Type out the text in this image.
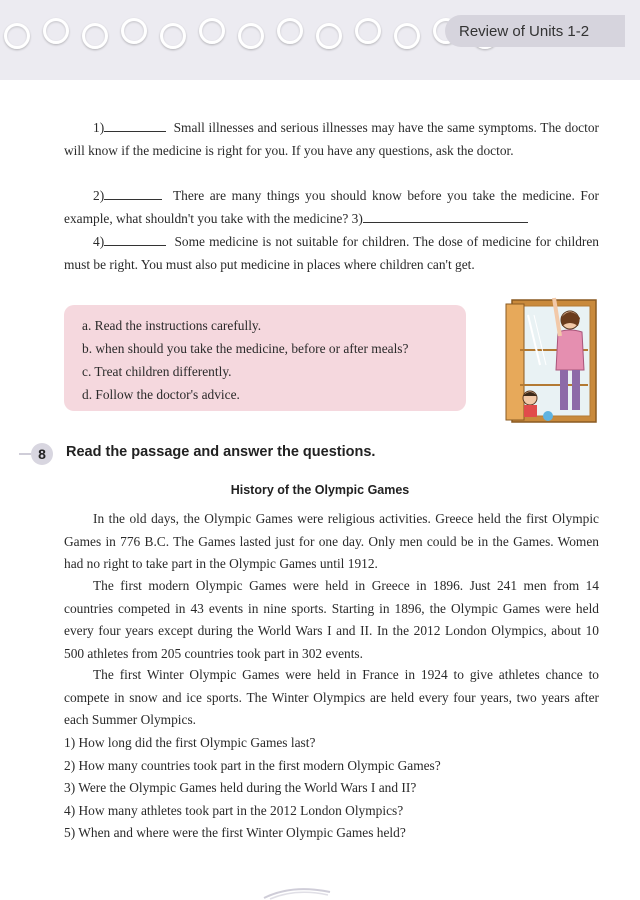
Review of Units 1-2
1)	Small illnesses and serious illnesses may have the same symptoms. The doctor will know if the medicine is right for you. If you have any questions, ask the doctor.
2)	There are many things you should know before you take the medicine. For example, what shouldn't you take with the medicine? 3)
4)	Some medicine is not suitable for children. The dose of medicine for children must be right. You must also put medicine in places where children can't get.
a. Read the instructions carefully.
b. when should you take the medicine, before or after meals?
c. Treat children differently.
d. Follow the doctor's advice.
8	Read the passage and answer the questions.
History of the Olympic Games
In the old days, the Olympic Games were religious activities. Greece held the first Olympic Games in 776 B.C. The Games lasted just for one day. Only men could be in the Games. Women had no right to take part in the Olympic Games until 1912.
The first modern Olympic Games were held in Greece in 1896. Just 241 men from 14 countries competed in 43 events in nine sports. Starting in 1896, the Olympic Games were held every four years except during the World Wars I and II. In the 2012 London Olympics, about 10 500 athletes from 205 countries took part in 302 events.
The first Winter Olympic Games were held in France in 1924 to give athletes chance to compete in snow and ice sports. The Winter Olympics are held every four years, two years after each Summer Olympics.
1) How long did the first Olympic Games last?
2) How many countries took part in the first modern Olympic Games?
3) Were the Olympic Games held during the World Wars I and II?
4) How many athletes took part in the 2012 London Olympics?
5) When and where were the first Winter Olympic Games held?
